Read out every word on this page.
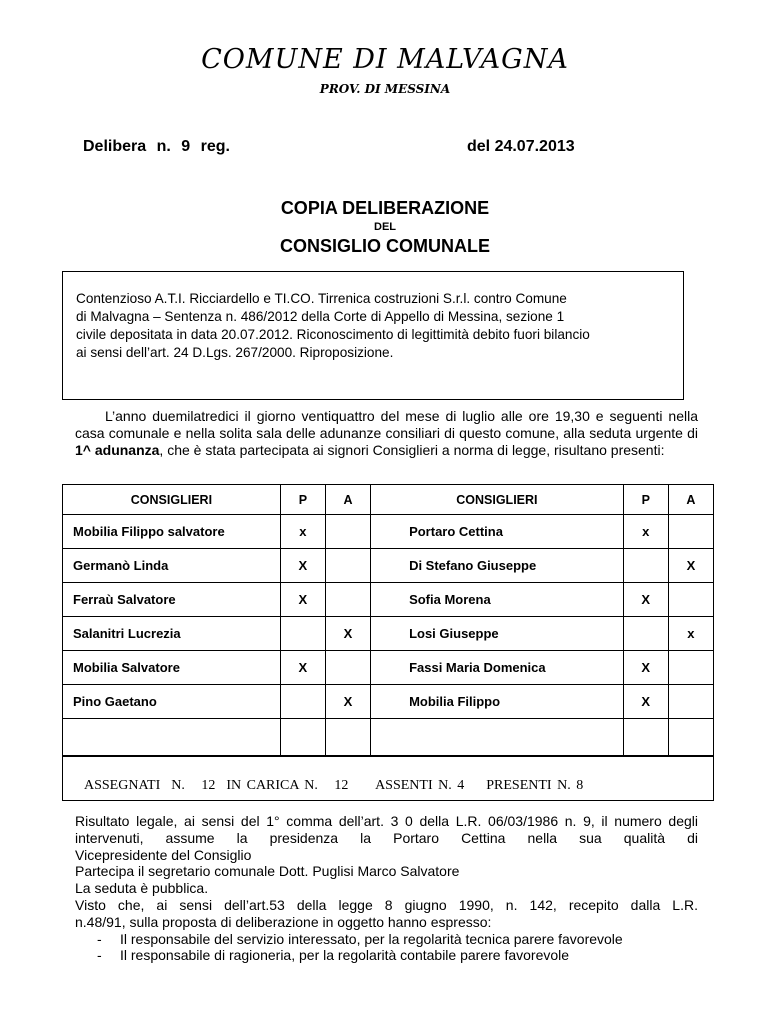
COMUNE DI MALVAGNA
PROV. DI MESSINA
Delibera n. 9 reg.	del 24.07.2013
COPIA DELIBERAZIONE
DEL
CONSIGLIO COMUNALE
Contenzioso A.T.I. Ricciardello e TI.CO. Tirrenica costruzioni S.r.l. contro Comune
di Malvagna – Sentenza n. 486/2012 della Corte di Appello di Messina, sezione 1
civile depositata in data 20.07.2012. Riconoscimento di legittimità debito fuori bilancio
ai sensi dell’art. 24 D.Lgs. 267/2000. Riproposizione.
L’anno duemilatredici il giorno ventiquattro del mese di luglio alle ore 19,30 e seguenti nella casa comunale e nella solita sala delle adunanze consiliari di questo comune, alla seduta urgente di 1^ adunanza, che è stata partecipata ai signori Consiglieri a norma di legge, risultano presenti:
CONSIGLIERI	P	A	CONSIGLIERI	P	A
Mobilia Filippo salvatore	x		Portaro Cettina	x	
Germanò Linda	X		Di Stefano Giuseppe		X
Ferraù Salvatore	X		Sofia Morena	X	
Salanitri Lucrezia		X	Losi Giuseppe		x
Mobilia Salvatore	X		Fassi Maria Domenica	X	
Pino Gaetano		X	Mobilia Filippo	X	

ASSEGNATI  N.   12  IN CARICA N.   12     ASSENTI N. 4    PRESENTI N. 8

Risultato legale, ai sensi del 1° comma dell’art. 3 0 della L.R. 06/03/1986 n. 9, il numero degli intervenuti, assume la presidenza la Portaro Cettina nella sua qualità di

Vicepresidente del Consiglio

Partecipa il segretario comunale Dott. Puglisi Marco Salvatore

La seduta è pubblica.

Visto che, ai sensi dell’art.53 della legge 8 giugno 1990, n. 142, recepito dalla L.R.

n.48/91, sulla proposta di deliberazione in oggetto hanno espresso:

- Il responsabile del servizio interessato, per la regolarità tecnica parere favorevole

- Il responsabile di ragioneria, per la regolarità contabile parere favorevole
